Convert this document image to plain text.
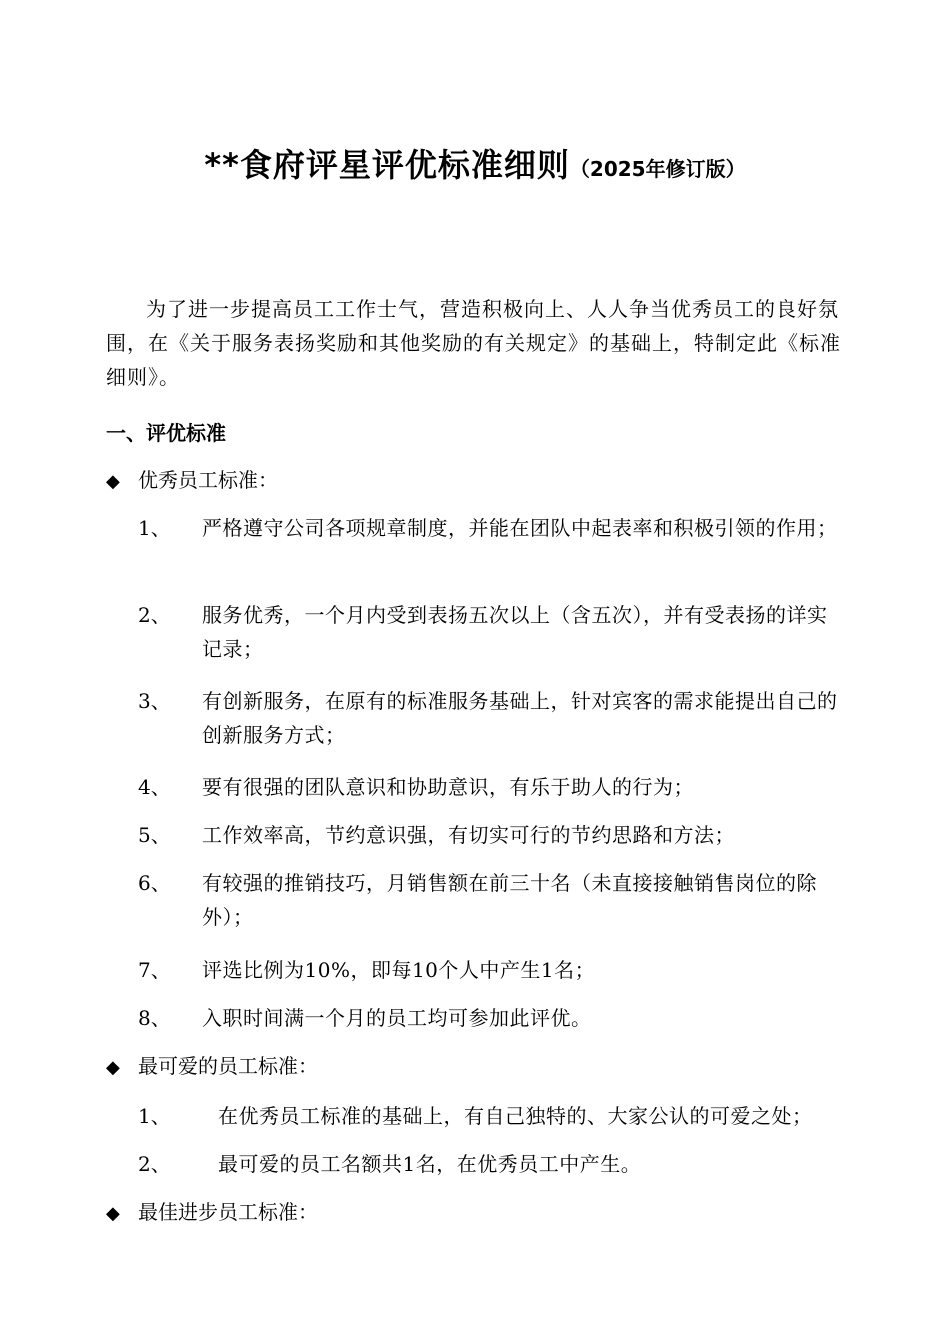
**食府评星评优标准细则（2025年修订版）
为了进一步提高员工工作士气，营造积极向上、人人争当优秀员工的良好氛围，在《关于服务表扬奖励和其他奖励的有关规定》的基础上，特制定此《标准细则》。
一、评优标准
◆ 优秀员工标准：
1、	严格遵守公司各项规章制度，并能在团队中起表率和积极引领的作用；
2、	服务优秀，一个月内受到表扬五次以上（含五次），并有受表扬的详实记录；
3、	有创新服务，在原有的标准服务基础上，针对宾客的需求能提出自己的创新服务方式；
4、	要有很强的团队意识和协助意识，有乐于助人的行为；
5、	工作效率高，节约意识强，有切实可行的节约思路和方法；
6、	有较强的推销技巧，月销售额在前三十名（未直接接触销售岗位的除外）；
7、	评选比例为10%，即每10个人中产生1名；
8、	入职时间满一个月的员工均可参加此评优。
◆ 最可爱的员工标准：
1、	在优秀员工标准的基础上，有自己独特的、大家公认的可爱之处；
2、	最可爱的员工名额共1名，在优秀员工中产生。
◆ 最佳进步员工标准：
